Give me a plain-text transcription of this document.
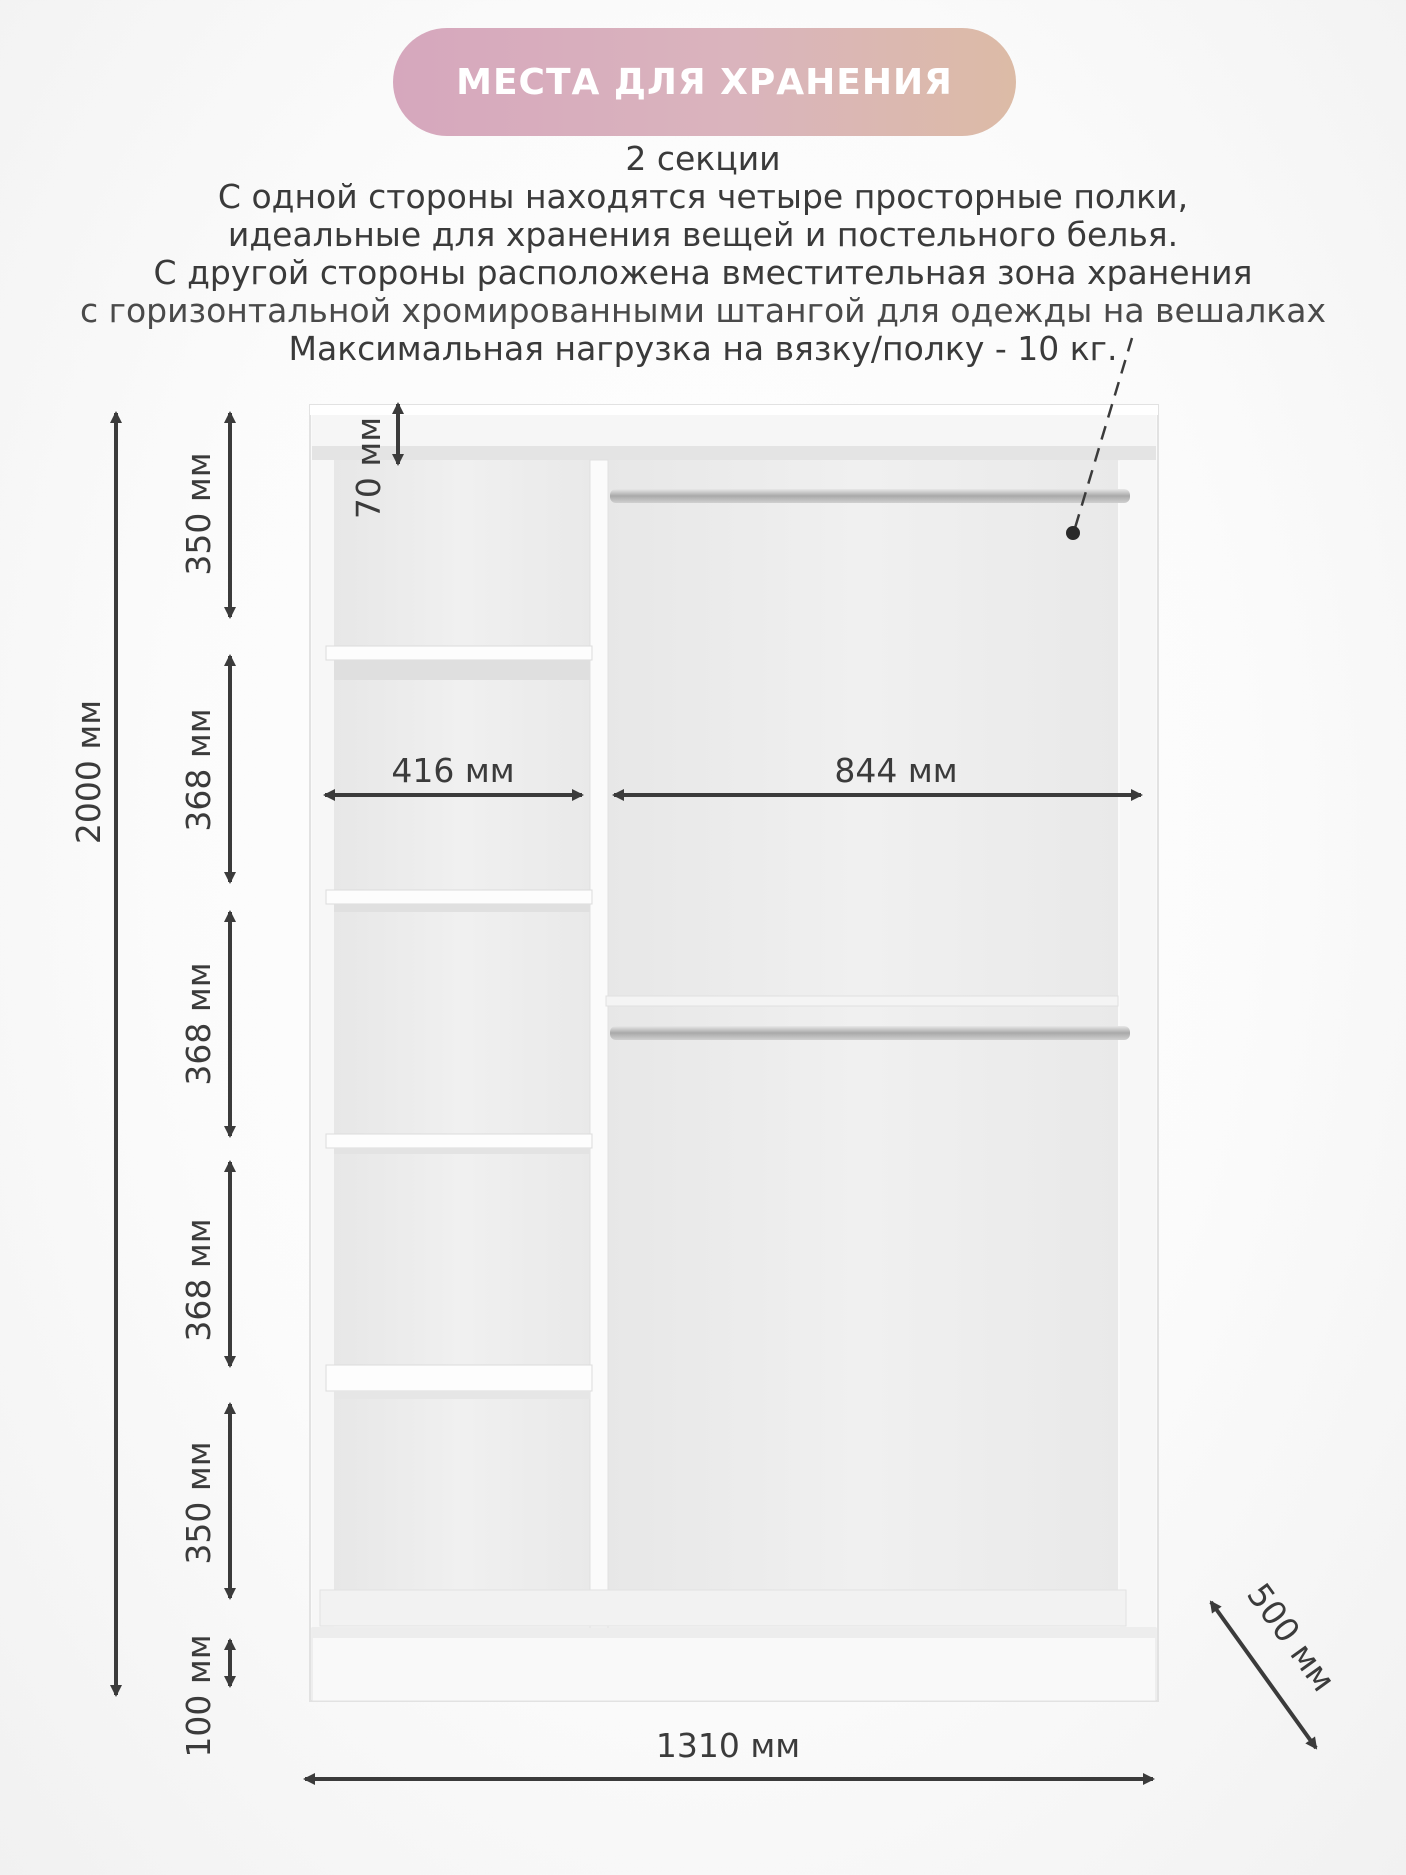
МЕСТА ДЛЯ ХРАНЕНИЯ
2 секции
С одной стороны находятся четыре просторные полки,
идеальные для хранения вещей и постельного белья.
С другой стороны расположена вместительная зона хранения
с горизонтальной хромированными штангой для одежды на вешалках
Максимальная нагрузка на вязку/полку - 10 кг.
2000 мм
350 мм
368 мм
368 мм
368 мм
350 мм
100 мм
70 мм
416 мм	844 мм
1310 мм
500 мм
